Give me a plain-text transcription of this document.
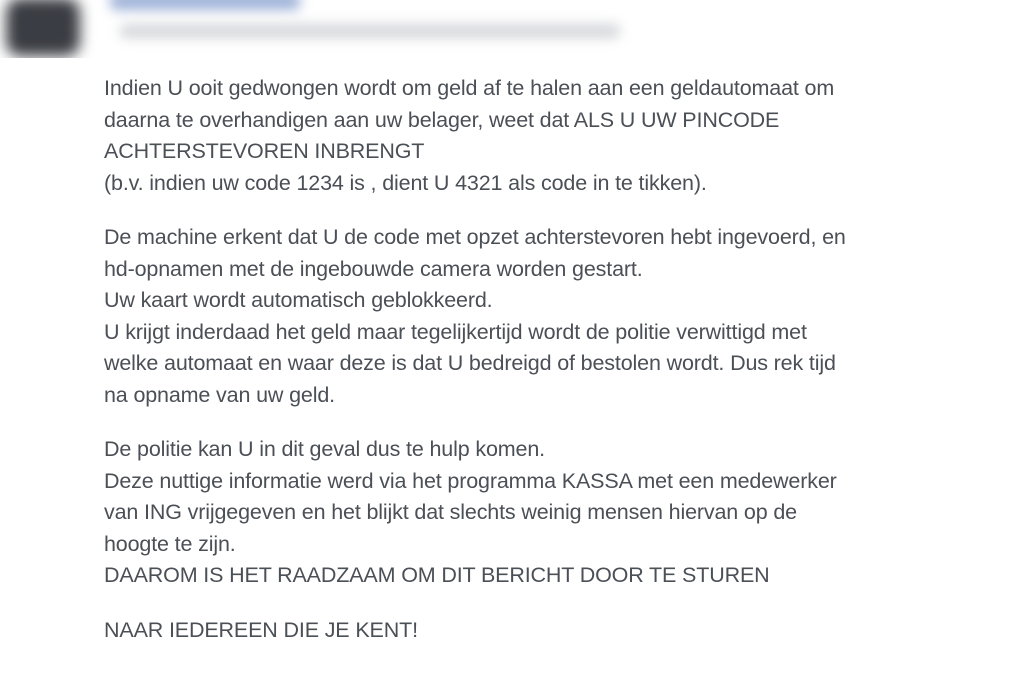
Indien U ooit gedwongen wordt om geld af te halen aan een geldautomaat om
daarna te overhandigen aan uw belager, weet dat ALS U UW PINCODE
ACHTERSTEVOREN INBRENGT
(b.v. indien uw code 1234 is , dient U 4321 als code in te tikken).
De machine erkent dat U de code met opzet achterstevoren hebt ingevoerd, en
hd-opnamen met de ingebouwde camera worden gestart.
Uw kaart wordt automatisch geblokkeerd.
U krijgt inderdaad het geld maar tegelijkertijd wordt de politie verwittigd met
welke automaat en waar deze is dat U bedreigd of bestolen wordt. Dus rek tijd
na opname van uw geld.
De politie kan U in dit geval dus te hulp komen.
Deze nuttige informatie werd via het programma KASSA met een medewerker
van ING vrijgegeven en het blijkt dat slechts weinig mensen hiervan op de
hoogte te zijn.
DAAROM IS HET RAADZAAM OM DIT BERICHT DOOR TE STUREN
NAAR IEDEREEN DIE JE KENT!
